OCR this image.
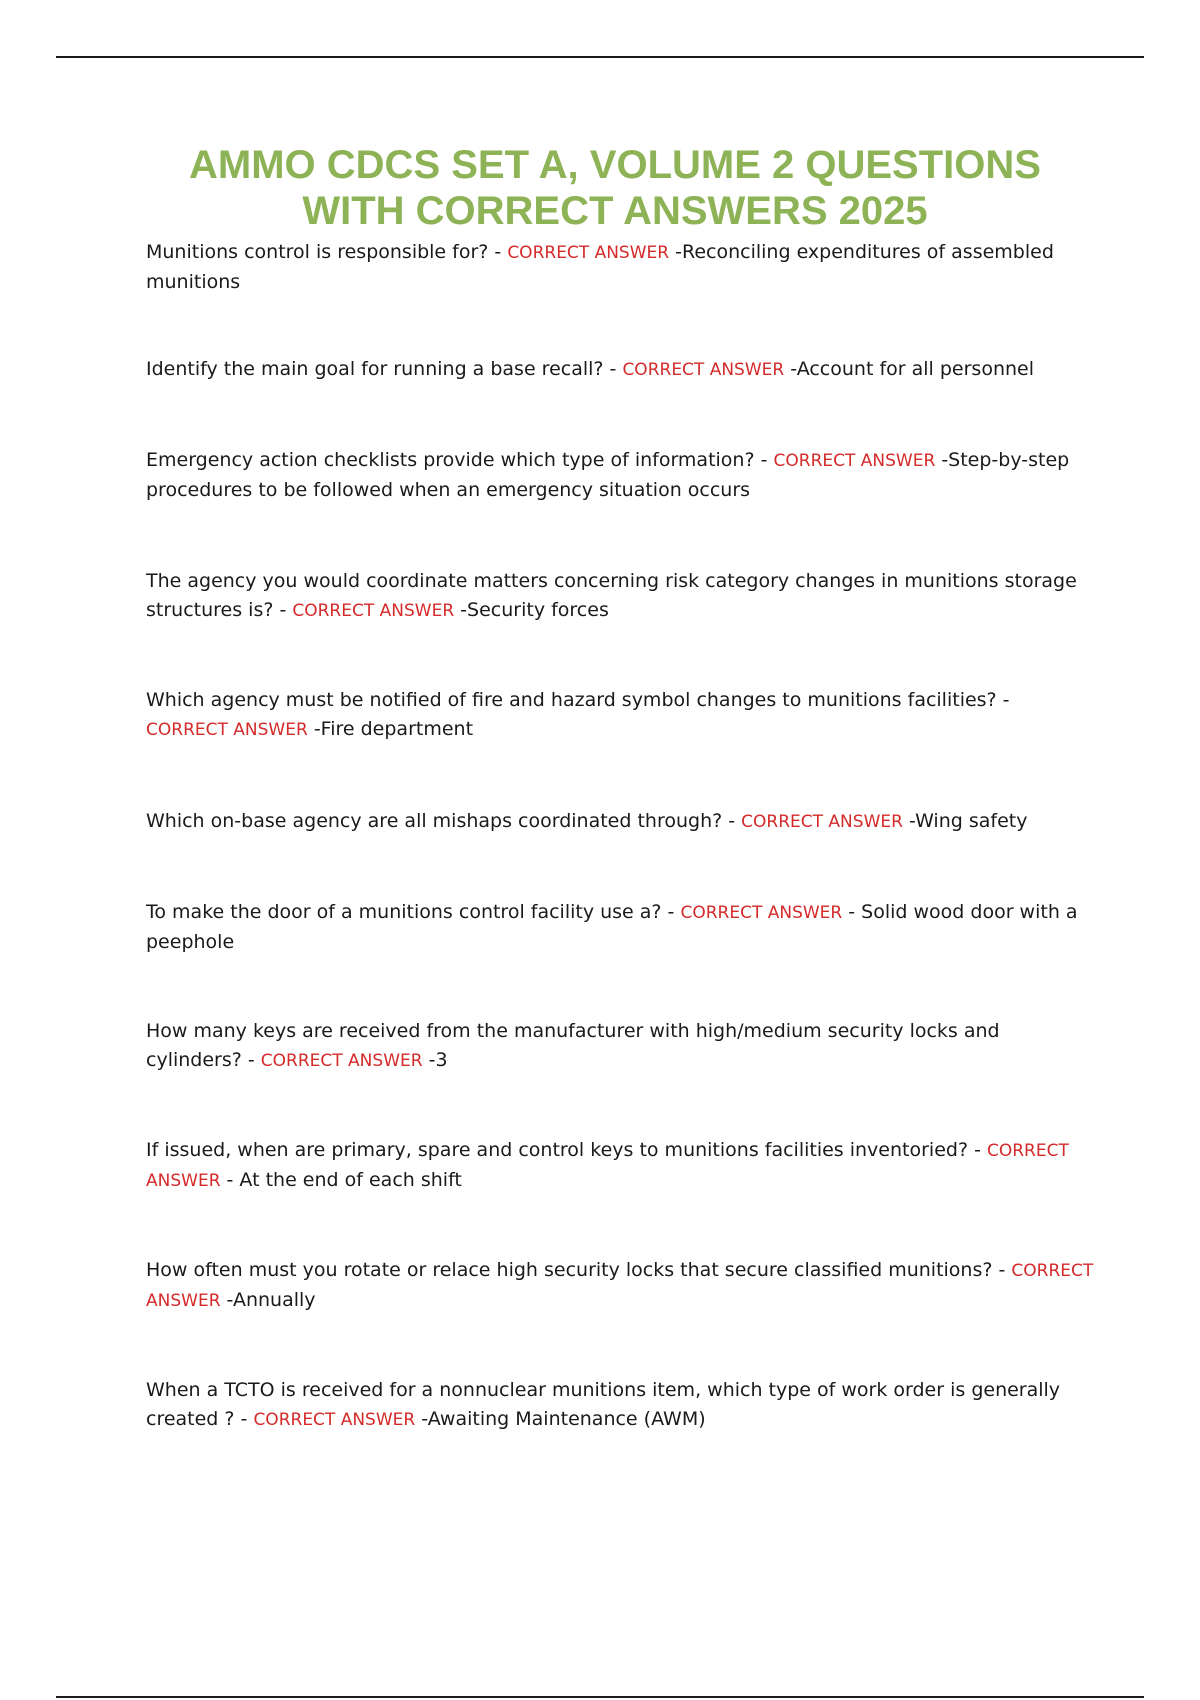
AMMO CDCS SET A, VOLUME 2 QUESTIONS
WITH CORRECT ANSWERS 2025
Munitions control is responsible for? - CORRECT ANSWER -Reconciling expenditures of assembled munitions
Identify the main goal for running a base recall? - CORRECT ANSWER -Account for all personnel
Emergency action checklists provide which type of information? - CORRECT ANSWER -Step-by-step procedures to be followed when an emergency situation occurs
The agency you would coordinate matters concerning risk category changes in munitions storage structures is? - CORRECT ANSWER -Security forces
Which agency must be notified of fire and hazard symbol changes to munitions facilities? - CORRECT ANSWER -Fire department
Which on-base agency are all mishaps coordinated through? - CORRECT ANSWER -Wing safety
To make the door of a munitions control facility use a? - CORRECT ANSWER - Solid wood door with a peephole
How many keys are received from the manufacturer with high/medium security locks and cylinders? - CORRECT ANSWER -3
If issued, when are primary, spare and control keys to munitions facilities inventoried? - CORRECT ANSWER - At the end of each shift
How often must you rotate or relace high security locks that secure classified munitions? - CORRECT ANSWER -Annually
When a TCTO is received for a nonnuclear munitions item, which type of work order is generally created ? - CORRECT ANSWER -Awaiting Maintenance (AWM)
